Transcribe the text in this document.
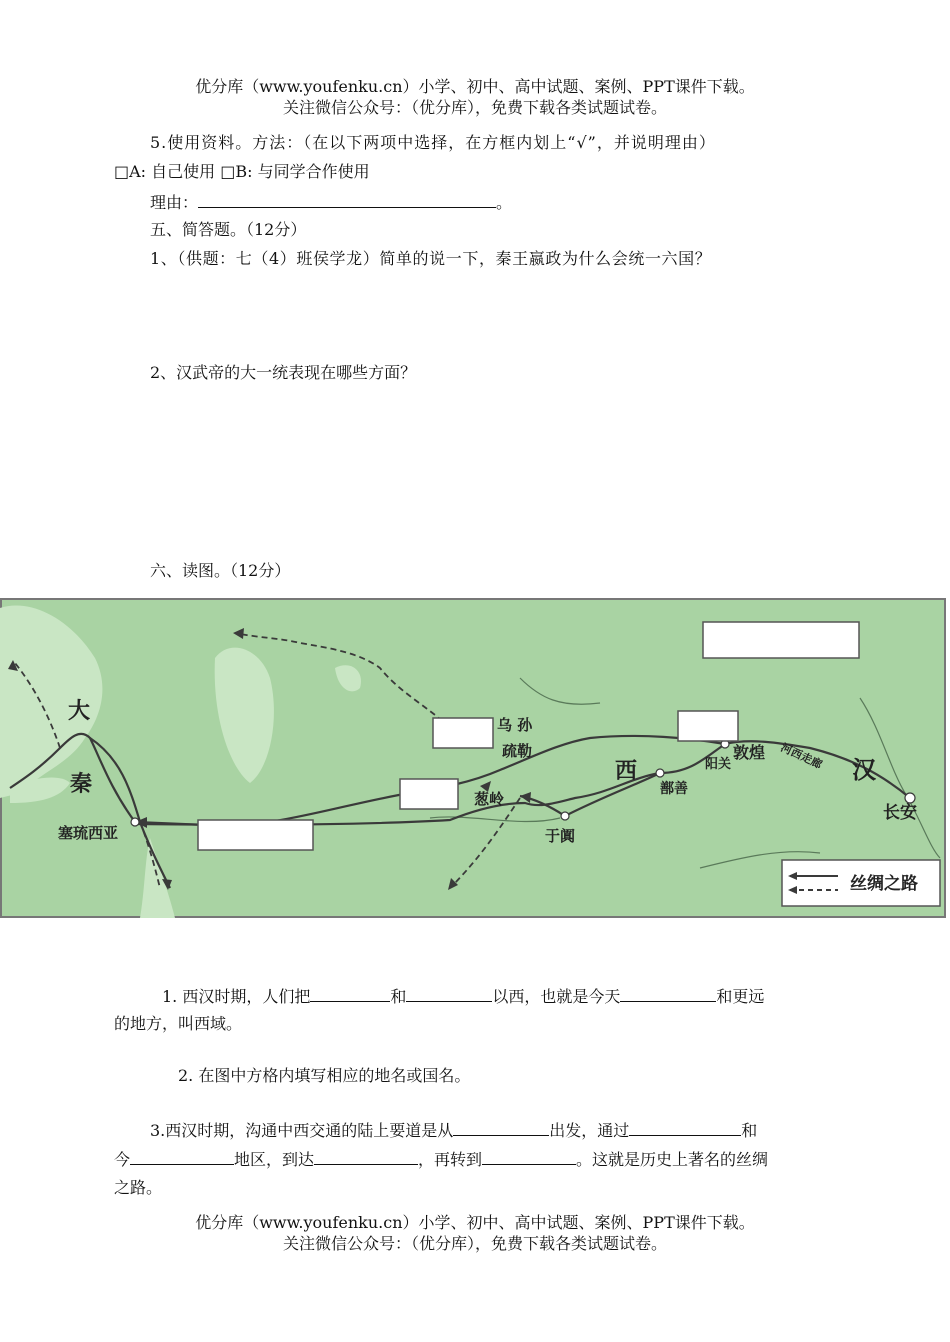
优分库（www.youfenku.cn）小学、初中、高中试题、案例、PPT课件下载。
关注微信公众号：（优分库），免费下载各类试题试卷。
5.使用资料。方法：（在以下两项中选择，在方框内划上“√”，并说明理由）
□A: 自己使用 □B: 与同学合作使用
理由：	。
五、简答题。（12分）
1、（供题：七（4）班侯学龙）简单的说一下，秦王嬴政为什么会统一六国？
2、汉武帝的大一统表现在哪些方面？
六、读图。（12分）
大
秦
塞琉西亚
乌 孙
疏勒
葱岭
于阗
西
鄯善
阳关
敦煌 河西走廊 汉
长安
丝绸之路
1. 西汉时期，人们把	和	以西，也就是今天	和更远
的地方，叫西域。
2. 在图中方格内填写相应的地名或国名。
3.西汉时期，沟通中西交通的陆上要道是从	出发，通过	和
今	地区，到达	，再转到	。这就是历史上著名的丝绸
之路。
优分库（www.youfenku.cn）小学、初中、高中试题、案例、PPT课件下载。
关注微信公众号：（优分库），免费下载各类试题试卷。
